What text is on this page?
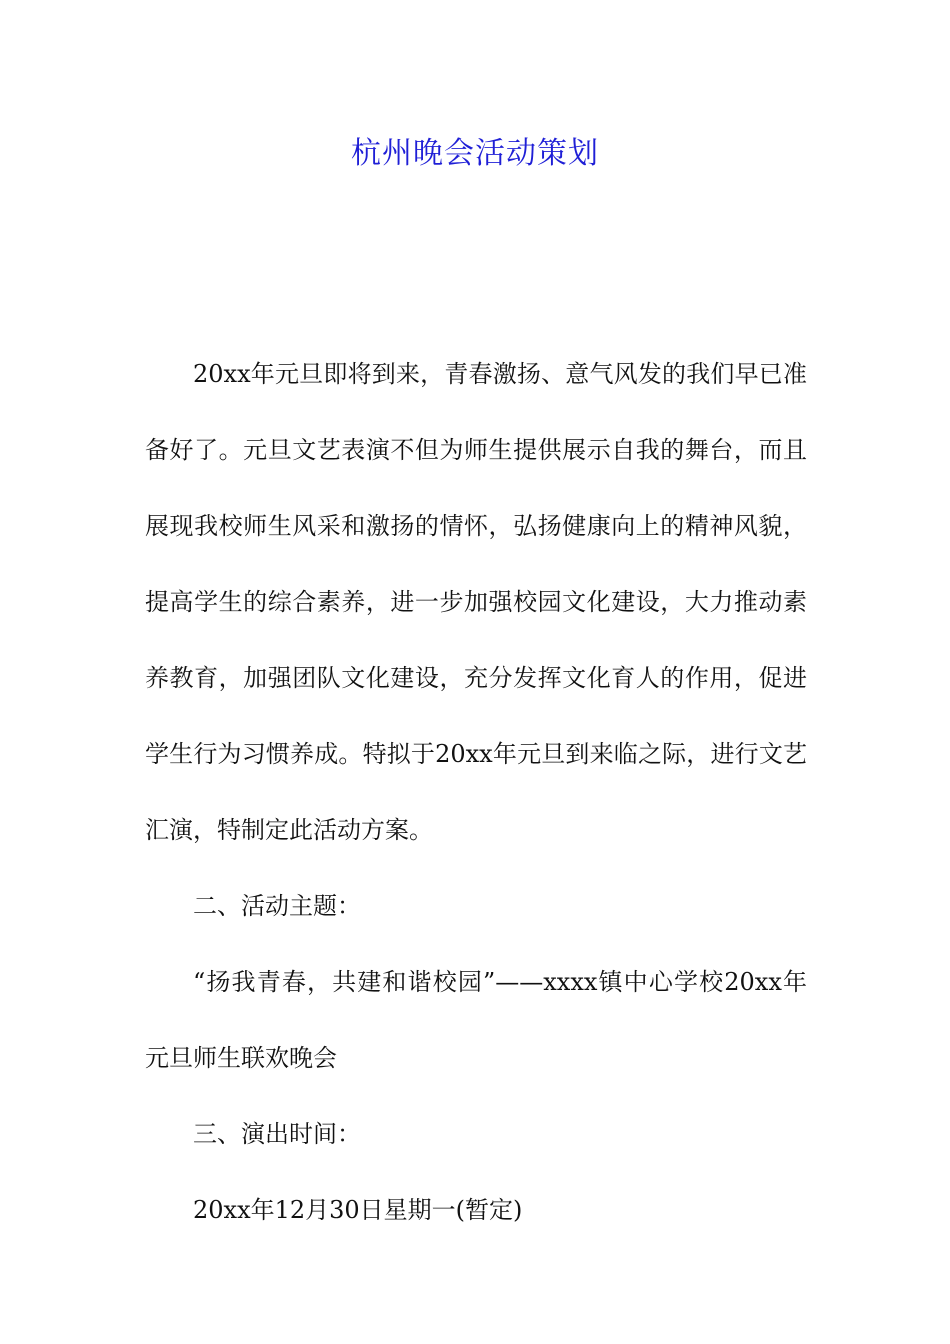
杭州晚会活动策划

20xx年元旦即将到来，青春激扬、意气风发的我们早已准备好了。元旦文艺表演不但为师生提供展示自我的舞台，而且展现我校师生风采和激扬的情怀，弘扬健康向上的精神风貌，提高学生的综合素养，进一步加强校园文化建设，大力推动素养教育，加强团队文化建设，充分发挥文化育人的作用，促进学生行为习惯养成。特拟于20xx年元旦到来临之际，进行文艺汇演，特制定此活动方案。

二、活动主题：

“扬我青春，共建和谐校园”——xxxx镇中心学校20xx年元旦师生联欢晚会

三、演出时间：

20xx年12月30日星期一(暂定)
